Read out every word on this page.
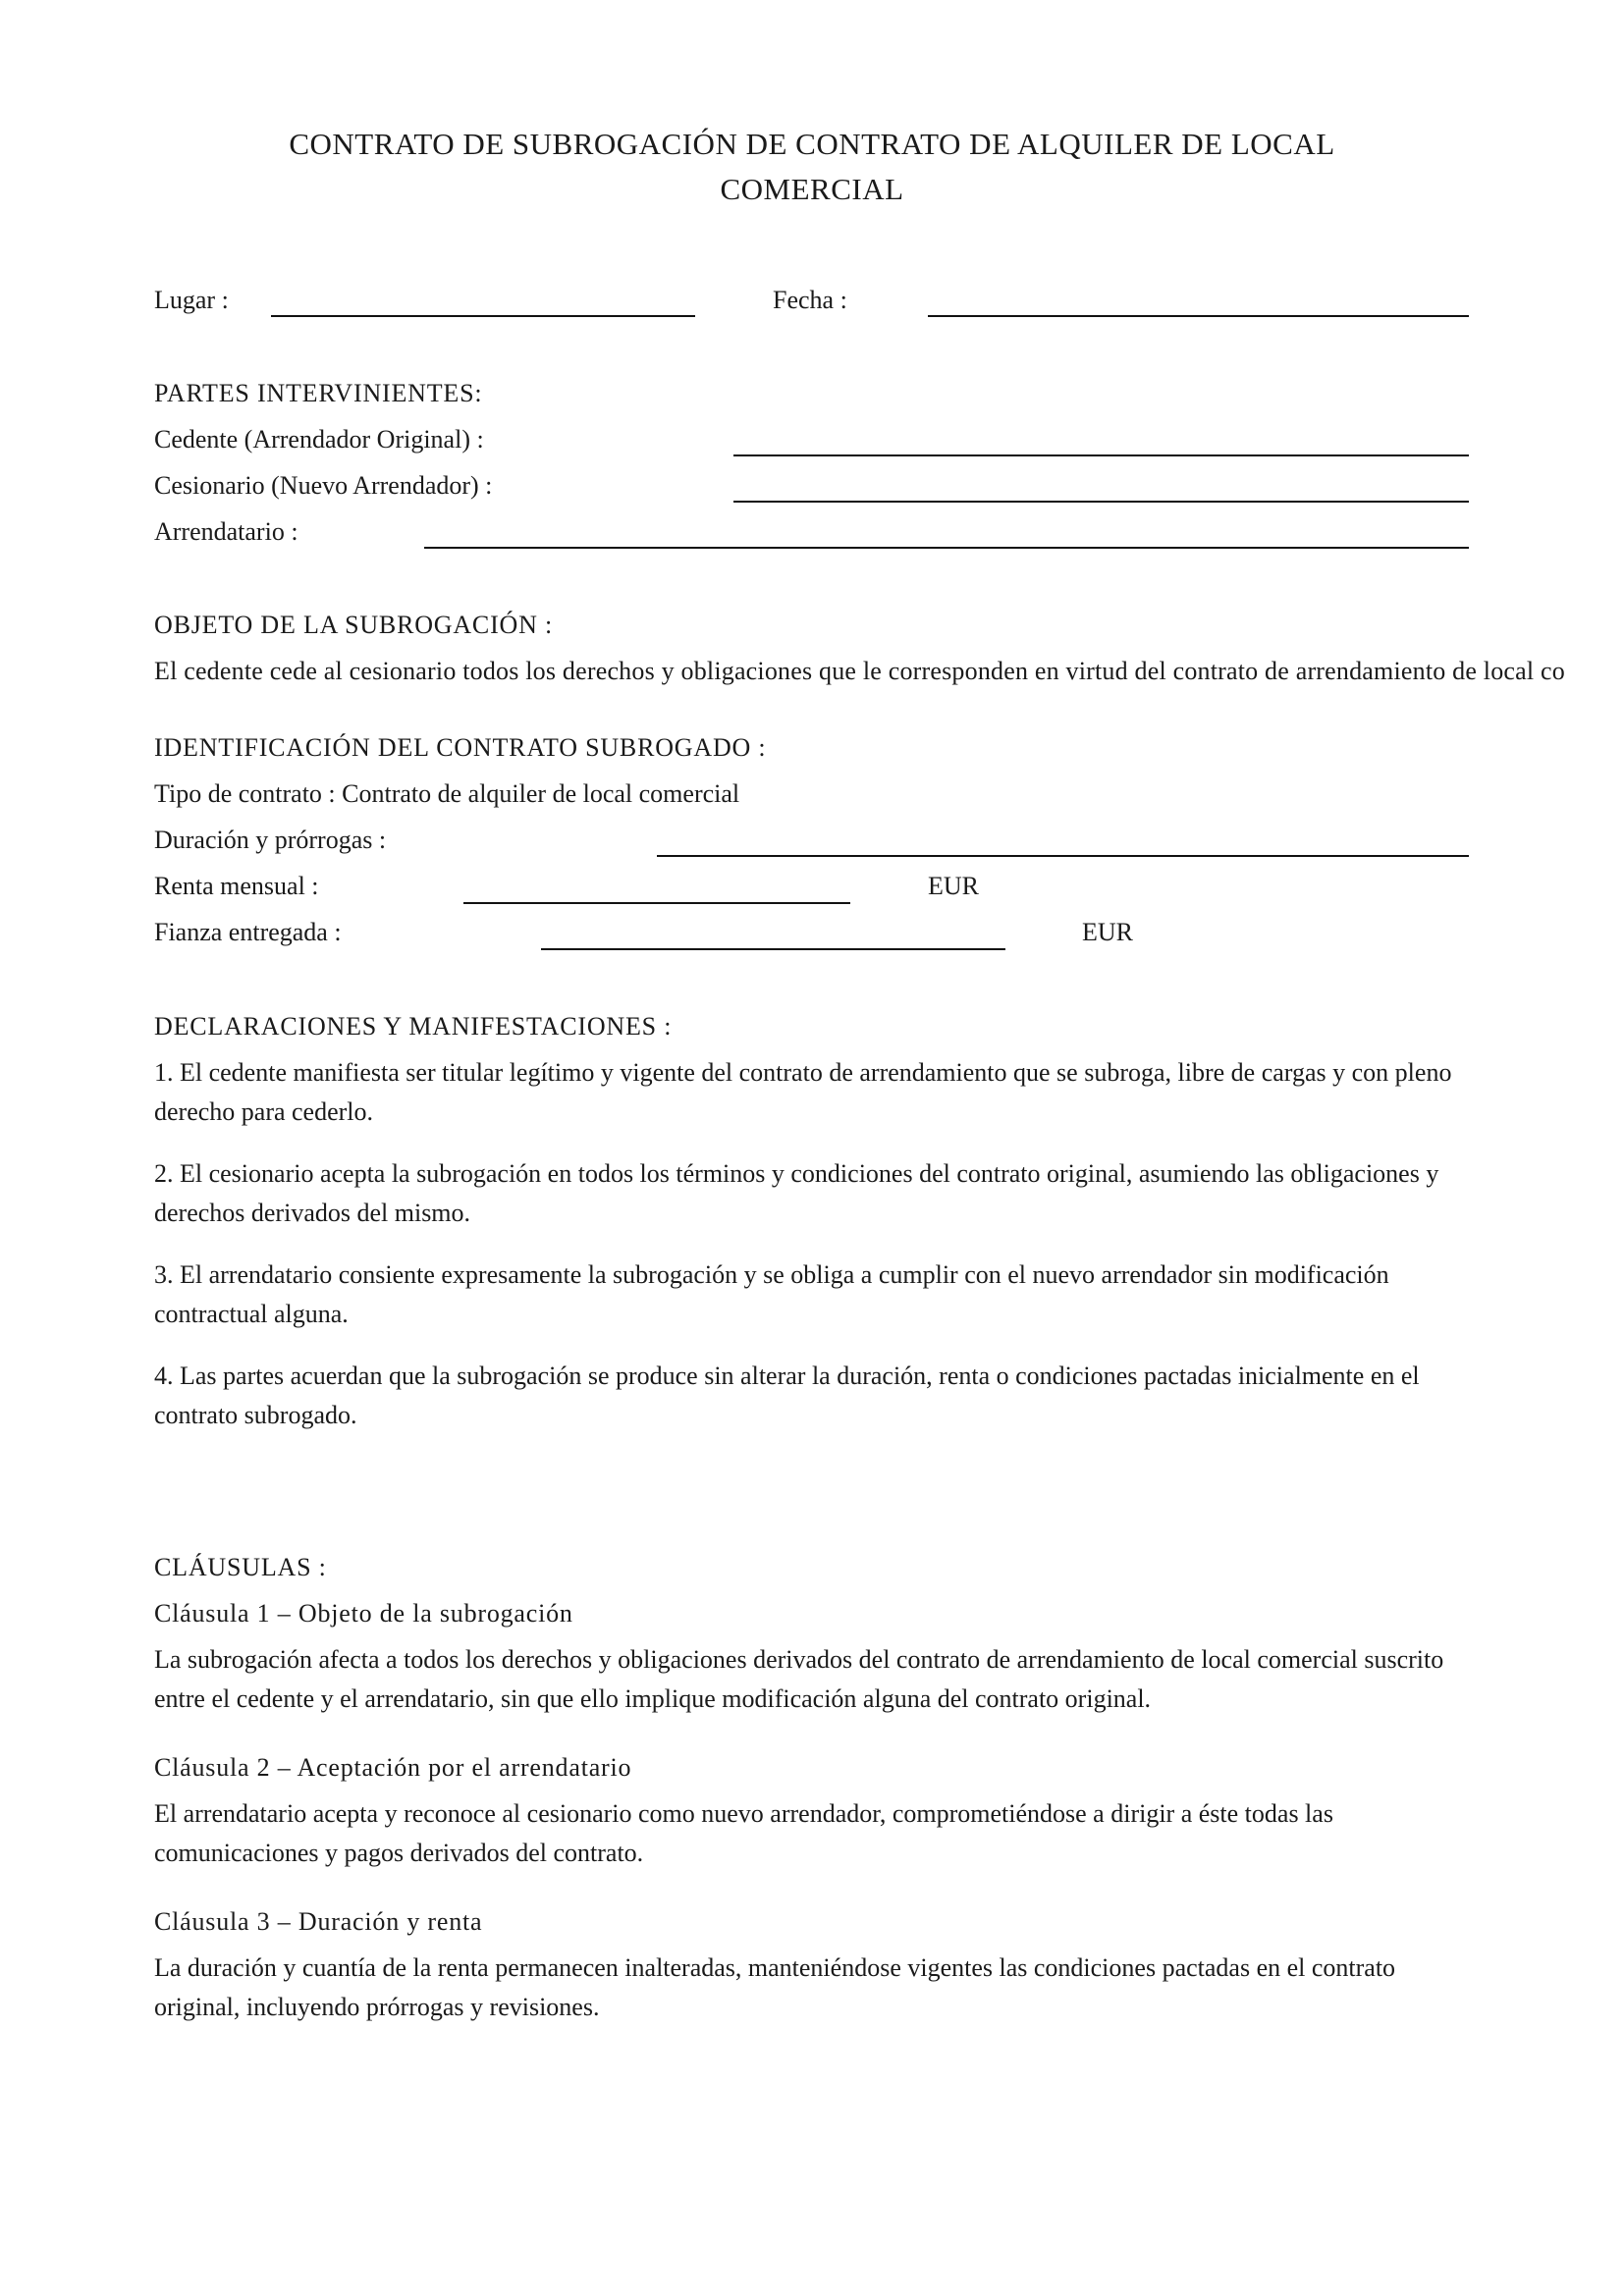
CONTRATO DE SUBROGACIÓN DE CONTRATO DE ALQUILER DE LOCAL
COMERCIAL
Lugar :	Fecha :
PARTES INTERVINIENTES:
Cedente (Arrendador Original) :
Cesionario (Nuevo Arrendador) :
Arrendatario :
OBJETO DE LA SUBROGACIÓN :
El cedente cede al cesionario todos los derechos y obligaciones que le corresponden en virtud del contrato de arrendamiento de local co
IDENTIFICACIÓN DEL CONTRATO SUBROGADO :
Tipo de contrato : Contrato de alquiler de local comercial
Duración y prórrogas :
Renta mensual :	EUR
Fianza entregada :	EUR
DECLARACIONES Y MANIFESTACIONES :

1. El cedente manifiesta ser titular legítimo y vigente del contrato de arrendamiento que se subroga, libre de cargas y con pleno derecho para cederlo.

2. El cesionario acepta la subrogación en todos los términos y condiciones del contrato original, asumiendo las obligaciones y derechos derivados del mismo.

3. El arrendatario consiente expresamente la subrogación y se obliga a cumplir con el nuevo arrendador sin modificación contractual alguna.

4. Las partes acuerdan que la subrogación se produce sin alterar la duración, renta o condiciones pactadas inicialmente en el contrato subrogado.

CLÁUSULAS :
Cláusula 1 – Objeto de la subrogación

La subrogación afecta a todos los derechos y obligaciones derivados del contrato de arrendamiento de local comercial suscrito entre el cedente y el arrendatario, sin que ello implique modificación alguna del contrato original.

Cláusula 2 – Aceptación por el arrendatario

El arrendatario acepta y reconoce al cesionario como nuevo arrendador, comprometiéndose a dirigir a éste todas las comunicaciones y pagos derivados del contrato.

Cláusula 3 – Duración y renta

La duración y cuantía de la renta permanecen inalteradas, manteniéndose vigentes las condiciones pactadas en el contrato original, incluyendo prórrogas y revisiones.
